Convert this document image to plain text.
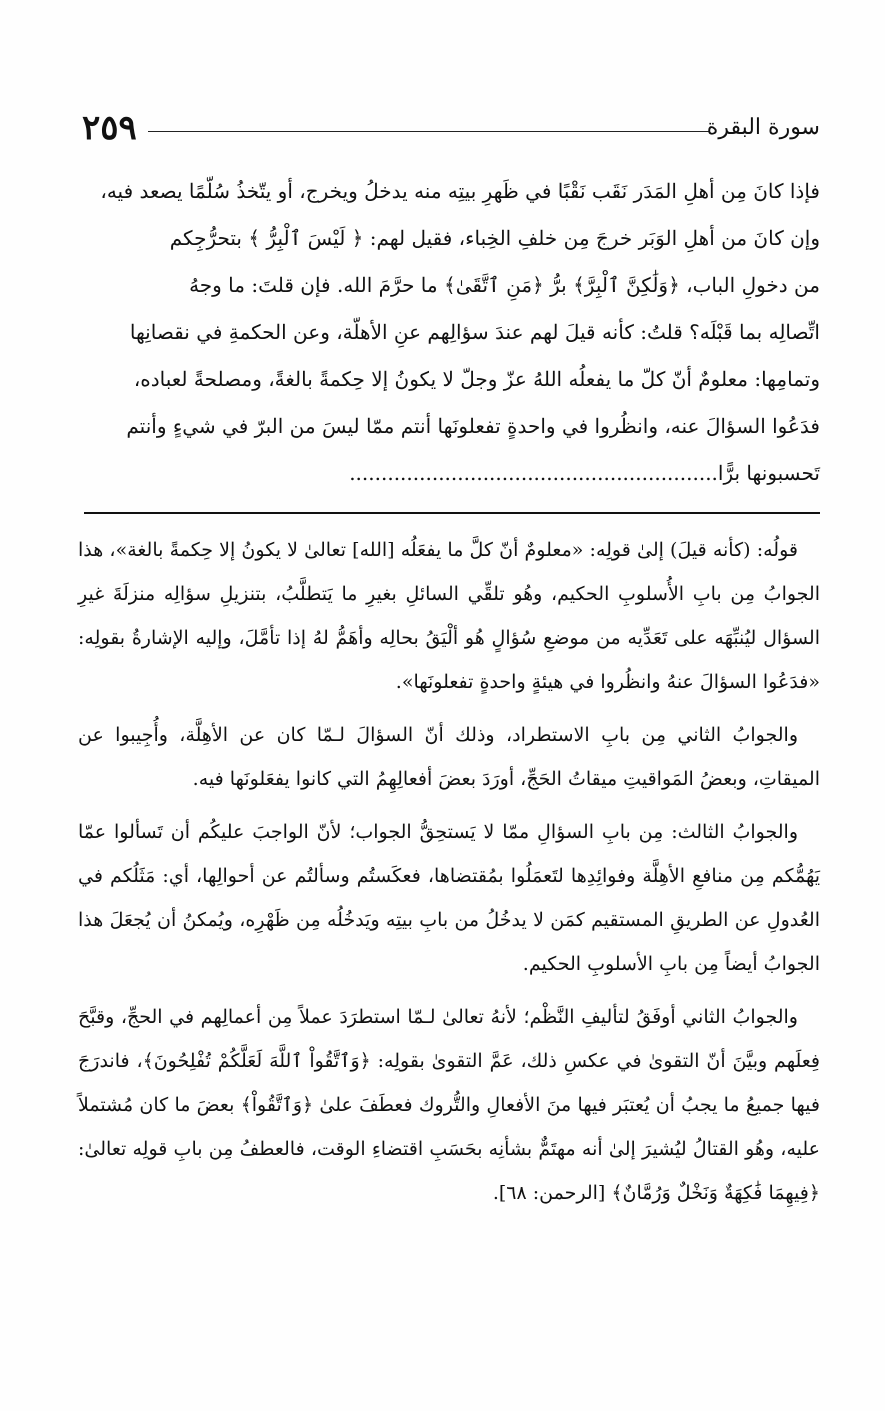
٢٥٩	سورة البقرة

فإذا كانَ مِن أهلِ المَدَر نَقَب نَقْبًا في ظَهرِ بيتِه منه يدخلُ ويخرج، أو يتّخذُ سُلّمًا يصعد فيه،

وإن كانَ من أهلِ الوَبَر خرجَ مِن خلفِ الخِباء، فقيل لهم: ﴿ لَيْسَ ٱلْبِرُّ ﴾ بتحرُّجِكم

من دخولِ الباب، ﴿وَلَٰكِنَّ ٱلْبِرَّ﴾ برُّ ﴿مَنِ ٱتَّقَىٰ﴾ ما حرَّمَ الله. فإن قلتَ: ما وجهُ

اتِّصالِه بما قَبْلَه؟ قلتُ: كأنه قيلَ لهم عندَ سؤالِهم عنِ الأهلّة، وعن الحكمةِ في نقصانِها

وتمامِها: معلومٌ أنّ كلّ ما يفعلُه اللهُ عزّ وجلّ لا يكونُ إلا حِكمةً بالغةً، ومصلحةً لعباده،

فدَعُوا السؤالَ عنه، وانظُروا في واحدةٍ تفعلونَها أنتم ممّا ليسَ من البرّ في شيءٍ وأنتم

تَحسبونها برًّا..........................................................

قولُه: (كأنه قيلَ) إلىٰ قولِه: «معلومٌ أنّ كلَّ ما يفعَلُه [الله] تعالىٰ لا يكونُ إلا حِكمةً بالغة»، هذا الجوابُ مِن بابِ الأُسلوبِ الحكيم، وهُو تلقِّي السائلِ بغيرِ ما يَتطلَّبُ، بتنزيلِ سؤالِه منزلَةَ غيرِ السؤال ليُنبِّهَه على تَعَدِّيه من موضعِ سُؤالٍ هُو ألْيَقُ بحالِه وأهَمُّ لهُ إذا تأمَّلَ، وإليه الإشارةُ بقولِه: «فدَعُوا السؤالَ عنهُ وانظُروا في هيئةٍ واحدةٍ تفعلونَها».

والجوابُ الثاني مِن بابِ الاستطراد، وذلك أنّ السؤالَ لـمّا كان عن الأهِلَّة، وأُجِيبوا عن الميقاتِ، وبعضُ المَواقيتِ ميقاتُ الحَجِّ، أورَدَ بعضَ أفعالِهِمُ التي كانوا يفعَلونَها فيه.

والجوابُ الثالث: مِن بابِ السؤالِ ممّا لا يَستحِقُّ الجواب؛ لأنّ الواجبَ عليكُم أن تَسألوا عمّا يَهُمُّكم مِن منافعِ الأهِلَّة وفوائِدِها لتَعمَلُوا بمُقتضاها، فعكَستُم وسألتُم عن أحوالِها، أي: مَثَلُكم في العُدولِ عن الطريقِ المستقيم كمَن لا يدخُلُ من بابِ بيتِه ويَدخُلُه مِن ظَهْرِه، ويُمكنُ أن يُجعَلَ هذا الجوابُ أيضاً مِن بابِ الأسلوبِ الحكيم.

والجوابُ الثاني أوفَقُ لتأليفِ النَّظْم؛ لأنهُ تعالىٰ لـمّا استطرَدَ عملاً مِن أعمالِهم في الحجِّ، وقبَّحَ فِعلَهم وبيَّنَ أنّ التقوىٰ في عكسِ ذلك، عَمَّ التقوىٰ بقولِه: ﴿وَٱتَّقُواْ ٱللَّهَ لَعَلَّكُمْ تُفْلِحُونَ﴾، فاندرَجَ فيها جميعُ ما يجبُ أن يُعتبَر فيها منَ الأفعالِ والتُّروك فعطَفَ علىٰ ﴿وَٱتَّقُواْ﴾ بعضَ ما كان مُشتملاً عليه، وهُو القتالُ ليُشيرَ إلىٰ أنه مهتَمٌّ بشأنِه بحَسَبِ اقتضاءِ الوقت، فالعطفُ مِن بابِ قولِه تعالىٰ: ﴿فِيهِمَا فَٰكِهَةٌ وَنَخْلٌ وَرُمَّانٌ﴾ [الرحمن: ٦٨].
